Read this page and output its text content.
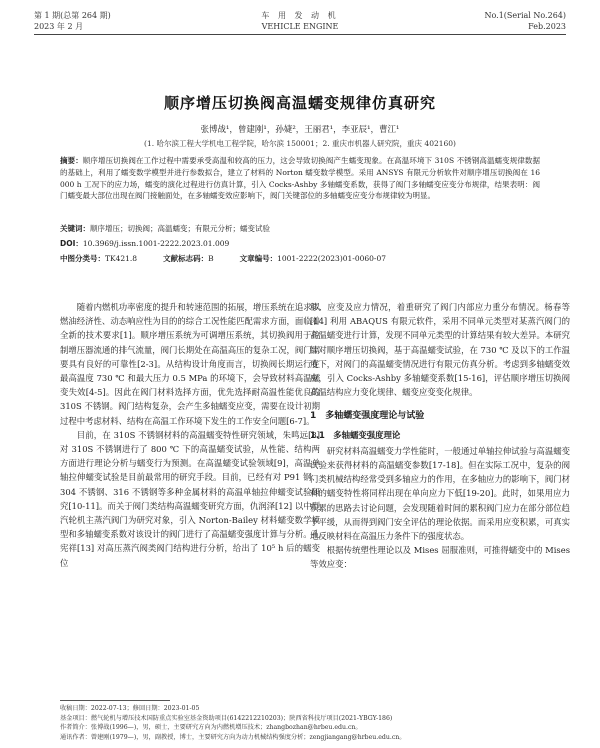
第 1 期(总第 264 期)
2023 年 2 月
车 用 发 动 机
VEHICLE ENGINE
No.1(Serial No.264)
Feb.2023
顺序增压切换阀高温蠕变规律仿真研究
张博战¹，曾建刚¹，孙婕²，王丽君¹，李亚辰¹，曹江¹
(1. 哈尔滨工程大学机电工程学院，哈尔滨 150001；2. 重庆市机器人研究院，重庆 402160)
摘要：顺序增压切换阀在工作过程中需要承受高温和较高的压力，这会导致切换阀产生蠕变现象。在高温环境下 310S 不锈钢高温蠕变规律数据的基础上，利用了蠕变数学模型并进行参数拟合，建立了材料的 Norton 蠕变数学模型。采用 ANSYS 有限元分析软件对顺序增压切换阀在 16 000 h 工况下的应力场，蠕变的演化过程进行仿真计算，引入 Cocks-Ashby 多轴蠕变系数，获得了阀门多轴蠕变应变分布规律，结果表明：阀门蠕变最大部位出现在阀门接触面处，在多轴蠕变效应影响下，阀门关键部位的多轴蠕变应变分布规律较为明显。
关键词：顺序增压；切换阀；高温蠕变；有限元分析；蠕变试验
DOI：10.3969/j.issn.1001-2222.2023.01.009
中图分类号：TK421.8	文献标志码：B	文章编号：1001-2222(2023)01-0060-07

随着内燃机功率密度的提升和转速范围的拓展，增压系统在追求以燃油经济性、动态响应性为目的的综合工况性能匹配需求方面，面临着全新的技术要求[1]。顺序增压系统为可调增压系统，其切换阀用于控制增压器流通的排气流量，阀门长期处在高温高压的复杂工况，阀门需要具有良好的可靠性[2-3]。从结构设计角度而言，切换阀长期运行在最高温度 730 ℃ 和最大压力 0.5 MPa 的环境下，会导致材料高温蠕变失效[4-5]。因此在阀门材料选择方面，优先选择耐高温性能优良的 310S 不锈钢。阀门结构复杂，会产生多轴蠕变应变，需要在设计初期过程中考虑材料、结构在高温工作环境下发生的工作安全问题[6-7]。

目前，在 310S 不锈钢材料的高温蠕变特性研究领域，朱鸣远[8]对 310S 不锈钢进行了 800 ℃ 下的高温蠕变试验，从性能、结构两方面进行理论分析与蠕变行为预测。在高温蠕变试验领域[9]，高温单轴拉伸蠕变试验是目前最常用的研究手段。目前，已经有对 P91 钢、304 不锈钢、316 不锈钢等多种金属材料的高温单轴拉伸蠕变试验研究[10-11]。而关于阀门类结构高温蠕变研究方面，仇润泽[12] 以中型汽轮机主蒸汽阀门为研究对象，引入 Norton-Bailey 材料蠕变数学模型和多轴蠕变系数对该设计的阀门进行了高温蠕变强度计算与分析。孔宪祥[13] 对高压蒸汽阀类阀门结构进行分析，给出了 10⁵ h 后的蠕变位

移、应变及应力情况，着重研究了阀门内部应力重分布情况。杨春等[14] 利用 ABAQUS 有限元软件，采用不同单元类型对某蒸汽阀门的高温蠕变进行计算，发现不同单元类型的计算结果有较大差异。本研究针对顺序增压切换阀，基于高温蠕变试验，在 730 ℃ 及以下的工作温度下，对阀门的高温蠕变情况进行有限元仿真分析。考虑到多轴蠕变效应，引入 Cocks-Ashby 多轴蠕变系数[15-16]，评估顺序增压切换阀高温结构应力变化规律、蠕变应变变化规律。

1　多轴蠕变强度理论与试验
1.1　多轴蠕变强度理论

研究材料高温蠕变力学性能时，一般通过单轴拉伸试验与高温蠕变试验来获得材料的高温蠕变参数[17-18]。但在实际工况中，复杂的阀门类机械结构经常受到多轴应力的作用，在多轴应力的影响下，阀门材料的蠕变特性将同样出现在单向应力下低[19-20]。此时，如果用应力积累的思路去讨论问题，会发现随着时间的累积阀门应力在部分部位趋于平缓，从而得到阀门安全评估的理论依据。而采用应变积累，可真实地反映材料在高温压力条件下的强度状态。

根据传统塑性理论以及 Mises 屈服准则，可推得蠕变中的 Mises 等效应变：

收稿日期：2022-07-13；修回日期：2023-01-05
基金项目：燃气轮机与增压技术国防重点实验室基金资助项目(6142212210203)；陕西省科技厅项目(2021-YBGY-186)
作者简介：张博战(1996—)，男，硕士，主要研究方向为内燃机增压技术；zhangbozhan@hrbeu.edu.cn。
通讯作者：曾建刚(1979—)，男，副教授，博士，主要研究方向为动力机械结构强度分析；zengjiangang@hrbeu.edu.cn。
